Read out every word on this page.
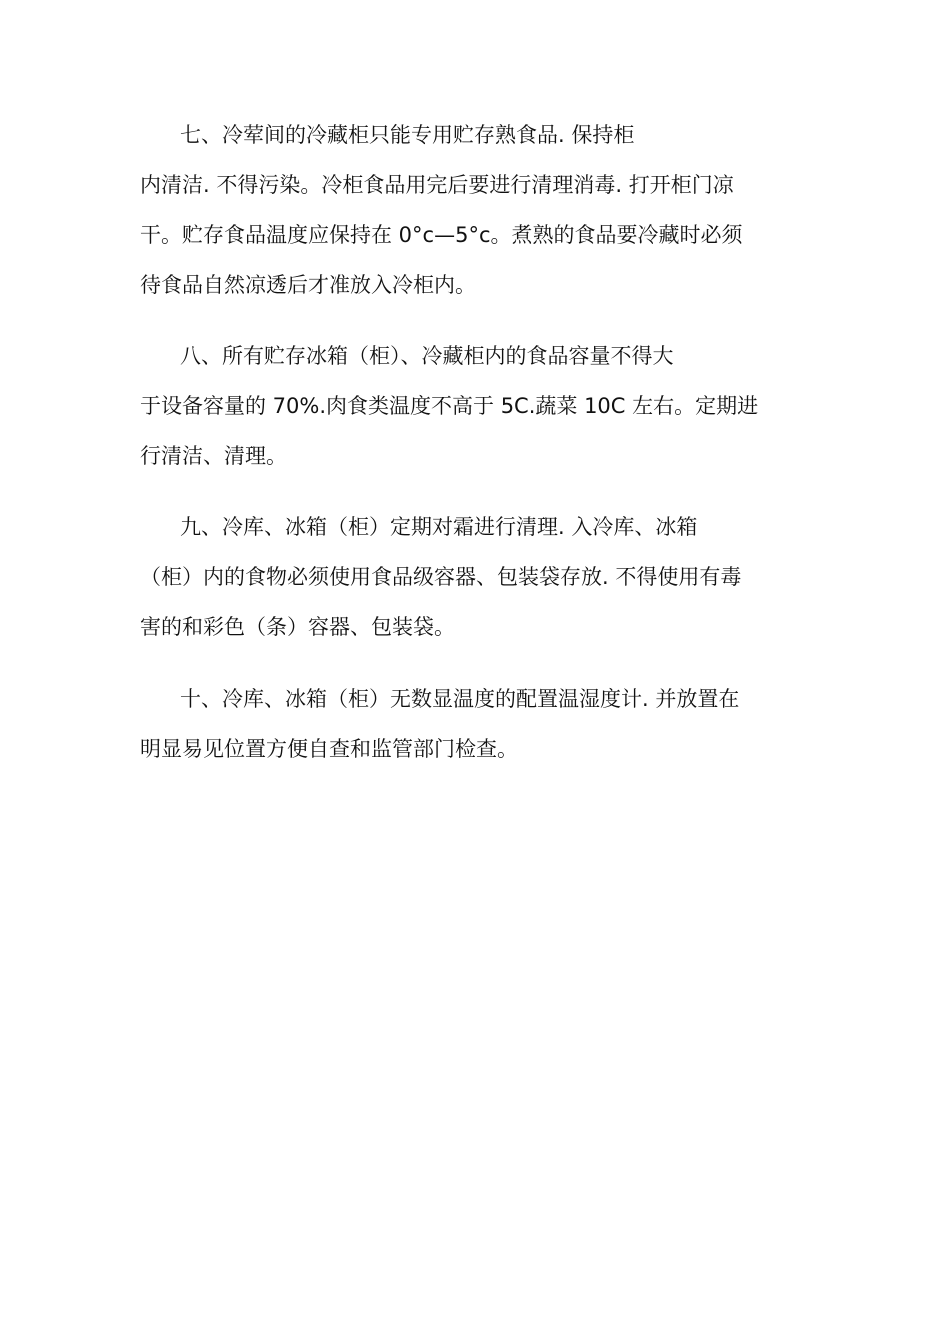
七、冷荤间的冷藏柜只能专用贮存熟食品. 保持柜
内清洁. 不得污染。冷柜食品用完后要进行清理消毒. 打开柜门凉
干。贮存食品温度应保持在 0°c—5°c。煮熟的食品要冷藏时必须
待食品自然凉透后才准放入冷柜内。
八、所有贮存冰箱（柜）、冷藏柜内的食品容量不得大
于设备容量的 70%.肉食类温度不高于 5C.蔬菜 10C 左右。定期进
行清洁、清理。
九、冷库、冰箱（柜）定期对霜进行清理. 入冷库、冰箱
（柜）内的食物必须使用食品级容器、包装袋存放. 不得使用有毒
害的和彩色（条）容器、包装袋。
十、冷库、冰箱（柜）无数显温度的配置温湿度计. 并放置在
明显易见位置方便自查和监管部门检查。
